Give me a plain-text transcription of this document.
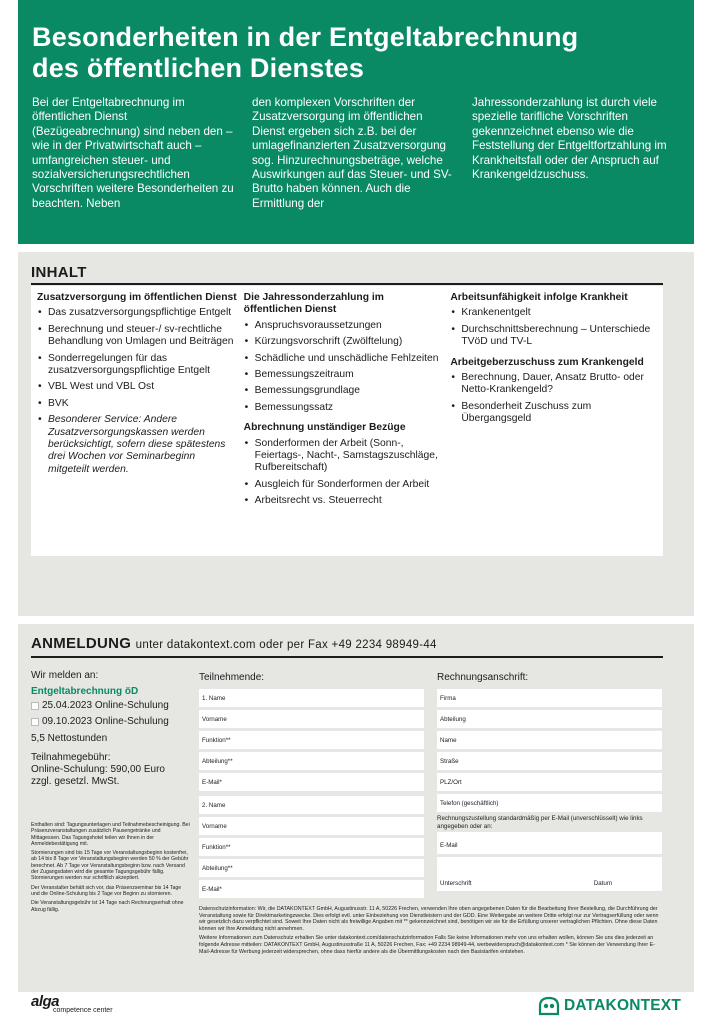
Besonderheiten in der Entgeltabrechnung
des öffentlichen Dienstes

Bei der Entgeltabrechnung im öffentlichen Dienst (Bezügeabrechnung) sind neben den – wie in der Privatwirtschaft auch – umfangreichen steuer- und sozialversicherungsrechtlichen Vorschriften weitere Besonderheiten zu beachten. Neben

den komplexen Vorschriften der Zusatzversorgung im öffentlichen Dienst ergeben sich z.B. bei der umlagefinanzierten Zusatzversorgung sog. Hinzurechnungsbeträge, welche Auswirkungen auf das Steuer- und SV-Brutto haben können. Auch die Ermittlung der

Jahressonderzahlung ist durch viele spezielle tarifliche Vorschriften gekennzeichnet ebenso wie die Feststellung der Entgeltfortzahlung im Krankheitsfall oder der Anspruch auf Krankengeldzuschuss.

INHALT
Zusatzversorgung im öffentlichen Dienst
• Das zusatzversorgungspflichtige Entgelt
• Berechnung und steuer-/ sv-rechtliche Behandlung von Umlagen und Beiträgen
• Sonderregelungen für das zusatzversorgungspflichtige Entgelt
• VBL West und VBL Ost
• BVK
• Besonderer Service: Andere Zusatzversorgungskassen werden berücksichtigt, sofern diese spätestens drei Wochen vor Seminarbeginn mitgeteilt werden.
Die Jahressonderzahlung im öffentlichen Dienst
• Anspruchsvoraussetzungen
• Kürzungsvorschrift (Zwölftelung)
• Schädliche und unschädliche Fehlzeiten
• Bemessungszeitraum
• Bemessungsgrundlage
• Bemessungssatz
Abrechnung unständiger Bezüge
• Sonderformen der Arbeit (Sonn-, Feiertags-, Nacht-, Samstagszuschläge, Rufbereitschaft)
• Ausgleich für Sonderformen der Arbeit
• Arbeitsrecht vs. Steuerrecht
Arbeitsunfähigkeit infolge Krankheit
• Krankenentgelt
• Durchschnittsberechnung – Unterschiede TVöD und TV-L
Arbeitgeberzuschuss zum Krankengeld
• Berechnung, Dauer, Ansatz Brutto- oder Netto-Krankengeld?
• Besonderheit Zuschuss zum Übergangsgeld
ANMELDUNG unter datakontext.com oder per Fax +49 2234 98949-44
Wir melden an:
Entgeltabrechnung öD
25.04.2023 Online-Schulung
09.10.2023 Online-Schulung
5,5 Nettostunden
Teilnahmegebühr:
Online-Schulung: 590,00 Euro
zzgl. gesetzl. MwSt.

Enthalten sind: Tagungsunterlagen und Teilnahmebescheinigung. Bei Präsenzveranstaltungen zusätzlich Pausengetränke und Mittagessen. Das Tagungshotel teilen wir Ihnen in der Anmeldebestätigung mit.

Stornierungen sind bis 15 Tage vor Veranstaltungsbeginn kostenfrei, ab 14 bis 8 Tage vor Veranstaltungsbeginn werden 50 % der Gebühr berechnet. Ab 7 Tage vor Veranstaltungsbeginn bzw. nach Versand der Zugangsdaten wird die gesamte Tagungsgebühr fällig. Stornierungen werden nur schriftlich akzeptiert.

Der Veranstalter behält sich vor, das Präsenzseminar bis 14 Tage und die Online-Schulung bis 2 Tage vor Beginn zu stornieren.

Die Veranstaltungsgebühr ist 14 Tage nach Rechnungserhalt ohne Abzug fällig.

Teilnehmende:
1. Name
Vorname
Funktion**
Abteilung**
E-Mail*
2. Name
Vorname
Funktion**
Abteilung**
E-Mail*
Rechnungsanschrift:
Firma
Abteilung
Name
Straße
PLZ/Ort
Telefon (geschäftlich)
Rechnungszustellung standardmäßig per E-Mail (unverschlüsselt) wie links angegeben oder an:
E-Mail
Unterschrift	Datum

Datenschutzinformation: Wir, die DATAKONTEXT GmbH, Augustinusstr. 11 A, 50226 Frechen, verwenden Ihre oben angegebenen Daten für die Bearbeitung Ihrer Bestellung, die Durchführung der Veranstaltung sowie für Direktmarketingzwecke. Dies erfolgt evtl. unter Einbeziehung von Dienstleistern und der GDD. Eine Weitergabe an weitere Dritte erfolgt nur zur Vertragserfüllung oder wenn wir gesetzlich dazu verpflichtet sind. Soweit Ihre Daten nicht als freiwillige Angaben mit ** gekennzeichnet sind, benötigen wir sie für die Erfüllung unserer vertraglichen Pflichten. Ohne diese Daten können wir Ihre Anmeldung nicht annehmen.

Weitere Informationen zum Datenschutz erhalten Sie unter datakontext.com/datenschutzinformation Falls Sie keine Informationen mehr von uns erhalten wollen, können Sie uns dies jederzeit an folgende Adresse mitteilen: DATAKONTEXT GmbH, Augustinusstraße 11 A, 50226 Frechen, Fax: +49 2234 98949-44, werbewiderspruch@datakontext.com * Sie können der Verwendung Ihrer E-Mail-Adresse für Werbung jederzeit widersprechen, ohne dass hierfür andere als die Übermittlungskosten nach den Basistarifen entstehen.

alga
competence center	DATAKONTEXT
